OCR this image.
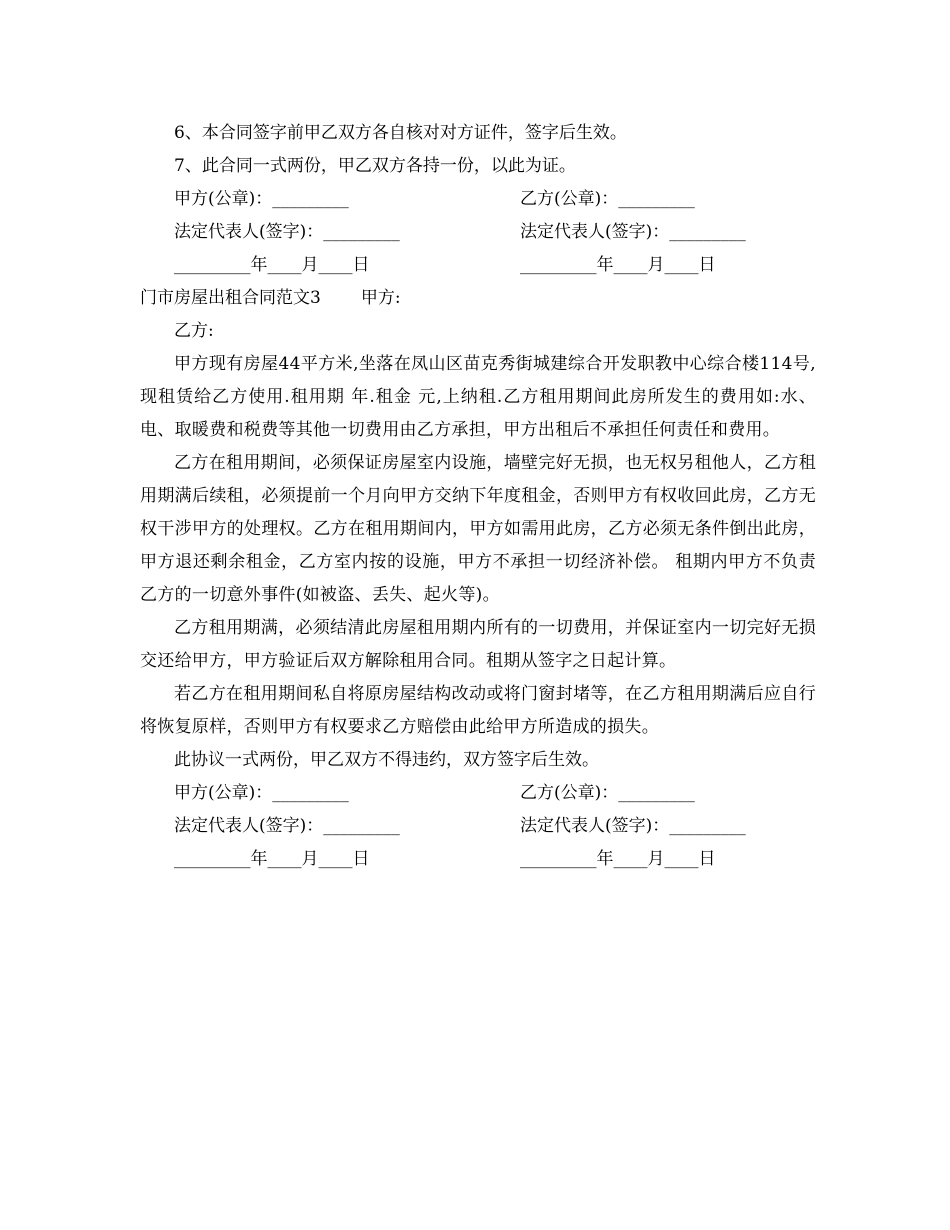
6、本合同签字前甲乙双方各自核对对方证件，签字后生效。
7、此合同一式两份，甲乙双方各持一份，以此为证。
甲方(公章)：_________	乙方(公章)：_________
法定代表人(签字)：_________	法定代表人(签字)：_________
_________年____月____日	_________年____月____日
门市房屋出租合同范文3 甲方:
乙方:
甲方现有房屋44平方米,坐落在凤山区苗克秀街城建综合开发职教中心综合楼114号,现租赁给乙方使用.租用期 年.租金 元,上纳租.乙方租用期间此房所发生的费用如:水、电、取暖费和税费等其他一切费用由乙方承担，甲方出租后不承担任何责任和费用。
乙方在租用期间，必须保证房屋室内设施，墙壁完好无损，也无权另租他人，乙方租用期满后续租，必须提前一个月向甲方交纳下年度租金，否则甲方有权收回此房，乙方无权干涉甲方的处理权。乙方在租用期间内，甲方如需用此房，乙方必须无条件倒出此房，甲方退还剩余租金，乙方室内按的设施，甲方不承担一切经济补偿。 租期内甲方不负责乙方的一切意外事件(如被盗、丢失、起火等)。
乙方租用期满，必须结清此房屋租用期内所有的一切费用，并保证室内一切完好无损交还给甲方，甲方验证后双方解除租用合同。租期从签字之日起计算。
若乙方在租用期间私自将原房屋结构改动或将门窗封堵等，在乙方租用期满后应自行将恢复原样，否则甲方有权要求乙方赔偿由此给甲方所造成的损失。
此协议一式两份，甲乙双方不得违约，双方签字后生效。
甲方(公章)：_________	乙方(公章)：_________
法定代表人(签字)：_________	法定代表人(签字)：_________
_________年____月____日	_________年____月____日
